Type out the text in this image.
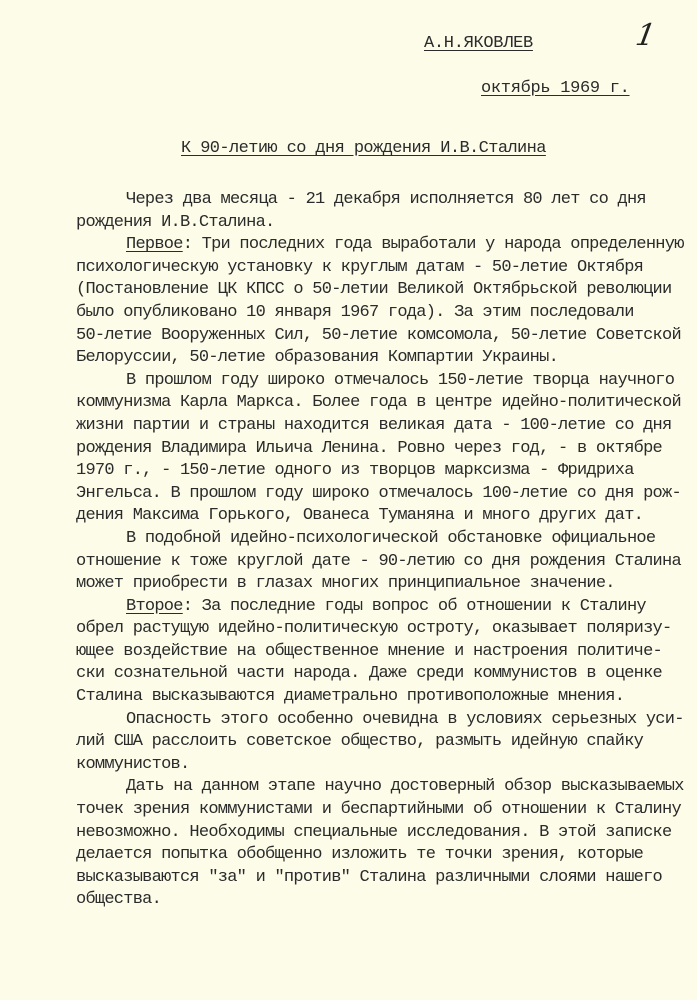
А.Н.ЯКОВЛЕВ	1
октябрь 1969 г.
К 90-летию со дня рождения И.В.Сталина
Через два месяца - 21 декабря исполняется 80 лет со дня
рождения И.В.Сталина.
Первое: Три последних года выработали у народа определенную
психологическую установку к круглым датам - 50-летие Октября
(Постановление ЦК КПСС о 50-летии Великой Октябрьской революции
было опубликовано 10 января 1967 года). За этим последовали
50-летие Вооруженных Сил, 50-летие комсомола, 50-летие Советской
Белоруссии, 50-летие образования Компартии Украины.
В прошлом году широко отмечалось 150-летие творца научного
коммунизма Карла Маркса. Более года в центре идейно-политической
жизни партии и страны находится великая дата - 100-летие со дня
рождения Владимира Ильича Ленина. Ровно через год, - в октябре
1970 г., - 150-летие одного из творцов марксизма - Фридриха
Энгельса. В прошлом году широко отмечалось 100-летие со дня рож-
дения Максима Горького, Ованеса Туманяна и много других дат.
В подобной идейно-психологической обстановке официальное
отношение к тоже круглой дате - 90-летию со дня рождения Сталина
может приобрести в глазах многих принципиальное значение.
Второе: За последние годы вопрос об отношении к Сталину
обрел растущую идейно-политическую остроту, оказывает поляризу-
ющее воздействие на общественное мнение и настроения политиче-
ски сознательной части народа. Даже среди коммунистов в оценке
Сталина высказываются диаметрально противоположные мнения.
Опасность этого особенно очевидна в условиях серьезных уси-
лий США расслоить советское общество, размыть идейную спайку
коммунистов.
Дать на данном этапе научно достоверный обзор высказываемых
точек зрения коммунистами и беспартийными об отношении к Сталину
невозможно. Необходимы специальные исследования. В этой записке
делается попытка обобщенно изложить те точки зрения, которые
высказываются "за" и "против" Сталина различными слоями нашего
общества.
